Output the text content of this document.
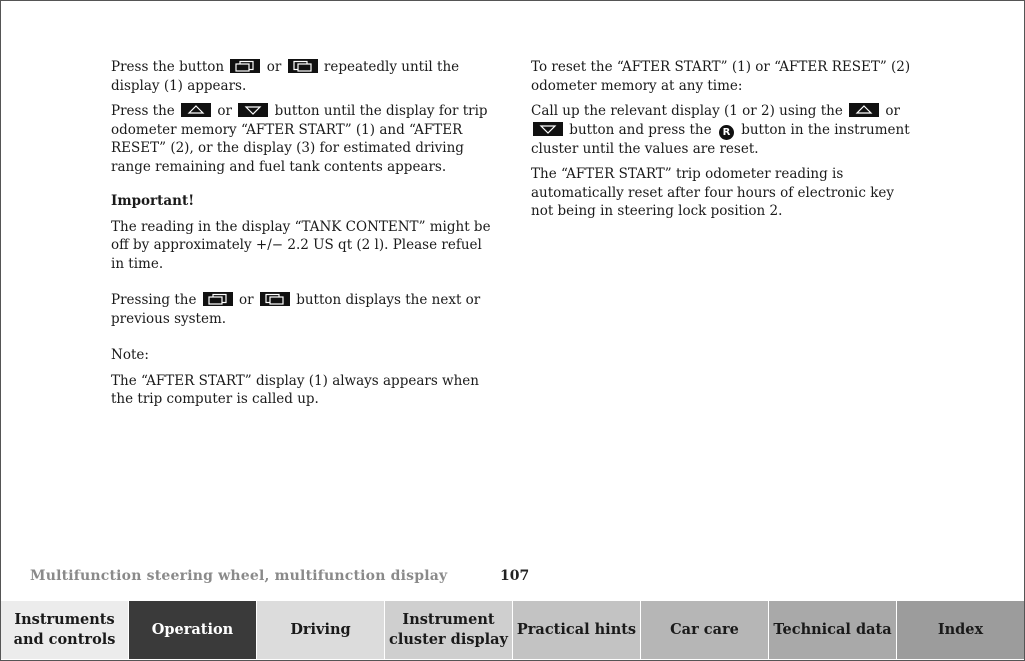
Press the button	or	repeatedly until the display (1) appears.

Press the	or	button until the display for trip odometer memory “AFTER START” (1) and “AFTER RESET” (2), or the display (3) for estimated driving range remaining and fuel tank contents appears.

Important!

The reading in the display “TANK CONTENT” might be off by approximately +/− 2.2 US qt (2 l). Please refuel in time.

Pressing the	or	button displays the next or previous system.

Note:

The “AFTER START” display (1) always appears when the trip computer is called up.

To reset the “AFTER START” (1) or “AFTER RESET” (2) odometer memory at any time:

Call up the relevant display (1 or 2) using the	or
button and press the R button in the instrument cluster until the values are reset.

The “AFTER START” trip odometer reading is automatically reset after four hours of electronic key not being in steering lock position 2.

Multifunction steering wheel, multifunction display	107
Instruments and controls
Operation	Driving
Instrument cluster display
Practical hints Car care Technical data	Index
